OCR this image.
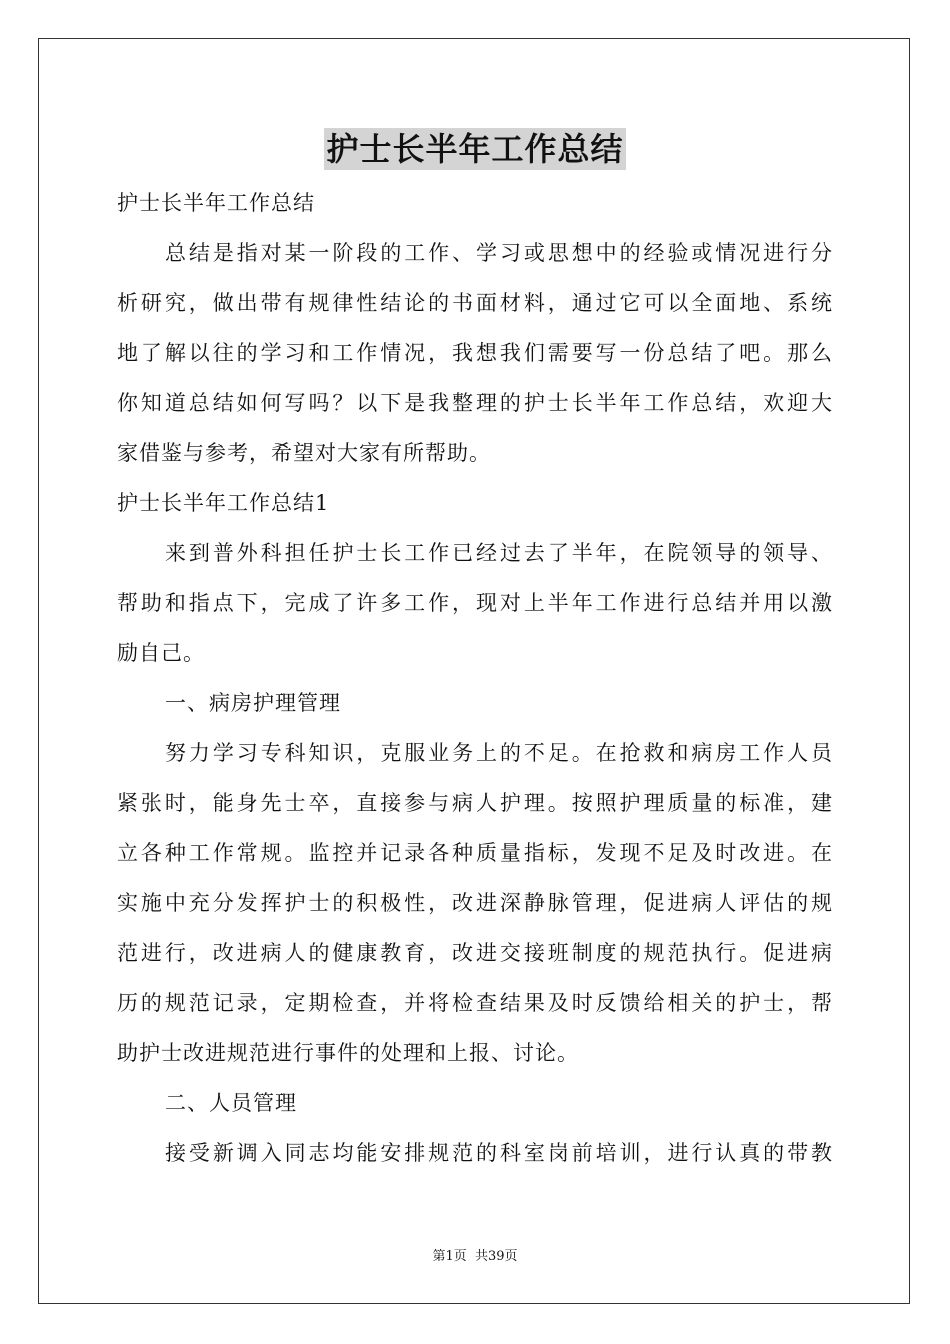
护士长半年工作总结
护士长半年工作总结
总结是指对某一阶段的工作、学习或思想中的经验或情况进行分
析研究，做出带有规律性结论的书面材料，通过它可以全面地、系统
地了解以往的学习和工作情况，我想我们需要写一份总结了吧。那么
你知道总结如何写吗？以下是我整理的护士长半年工作总结，欢迎大
家借鉴与参考，希望对大家有所帮助。
护士长半年工作总结1
来到普外科担任护士长工作已经过去了半年，在院领导的领导、
帮助和指点下，完成了许多工作，现对上半年工作进行总结并用以激
励自己。
一、病房护理管理
努力学习专科知识，克服业务上的不足。在抢救和病房工作人员
紧张时，能身先士卒，直接参与病人护理。按照护理质量的标准，建
立各种工作常规。监控并记录各种质量指标，发现不足及时改进。在
实施中充分发挥护士的积极性，改进深静脉管理，促进病人评估的规
范进行，改进病人的健康教育，改进交接班制度的规范执行。促进病
历的规范记录，定期检查，并将检查结果及时反馈给相关的护士，帮
助护士改进规范进行事件的处理和上报、讨论。
二、人员管理
接受新调入同志均能安排规范的科室岗前培训，进行认真的带教
第1页 共39页
